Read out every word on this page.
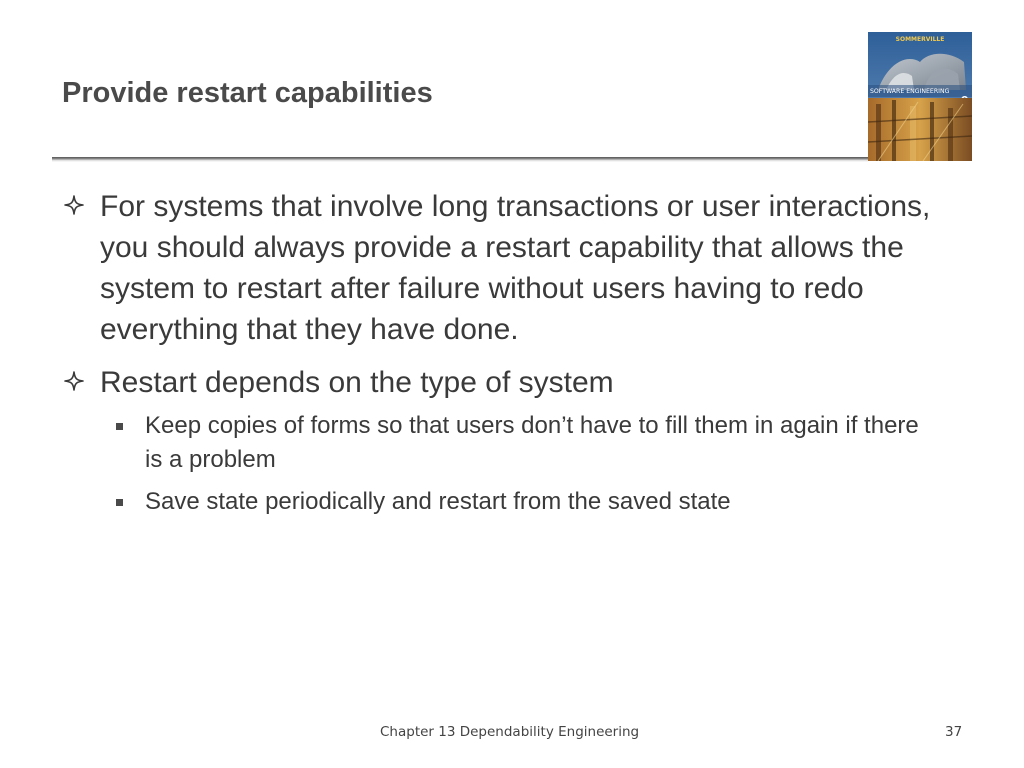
Provide restart capabilities
SOMMERVILLE
SOFTWARE ENGINEERING
For systems that involve long transactions or user interactions, you should always provide a restart capability that allows the system to restart after failure without users having to redo everything that they have done.
Restart depends on the type of system
Keep copies of forms so that users don’t have to fill them in again if there is a problem
Save state periodically and restart from the saved state
Chapter 13 Dependability Engineering	37
